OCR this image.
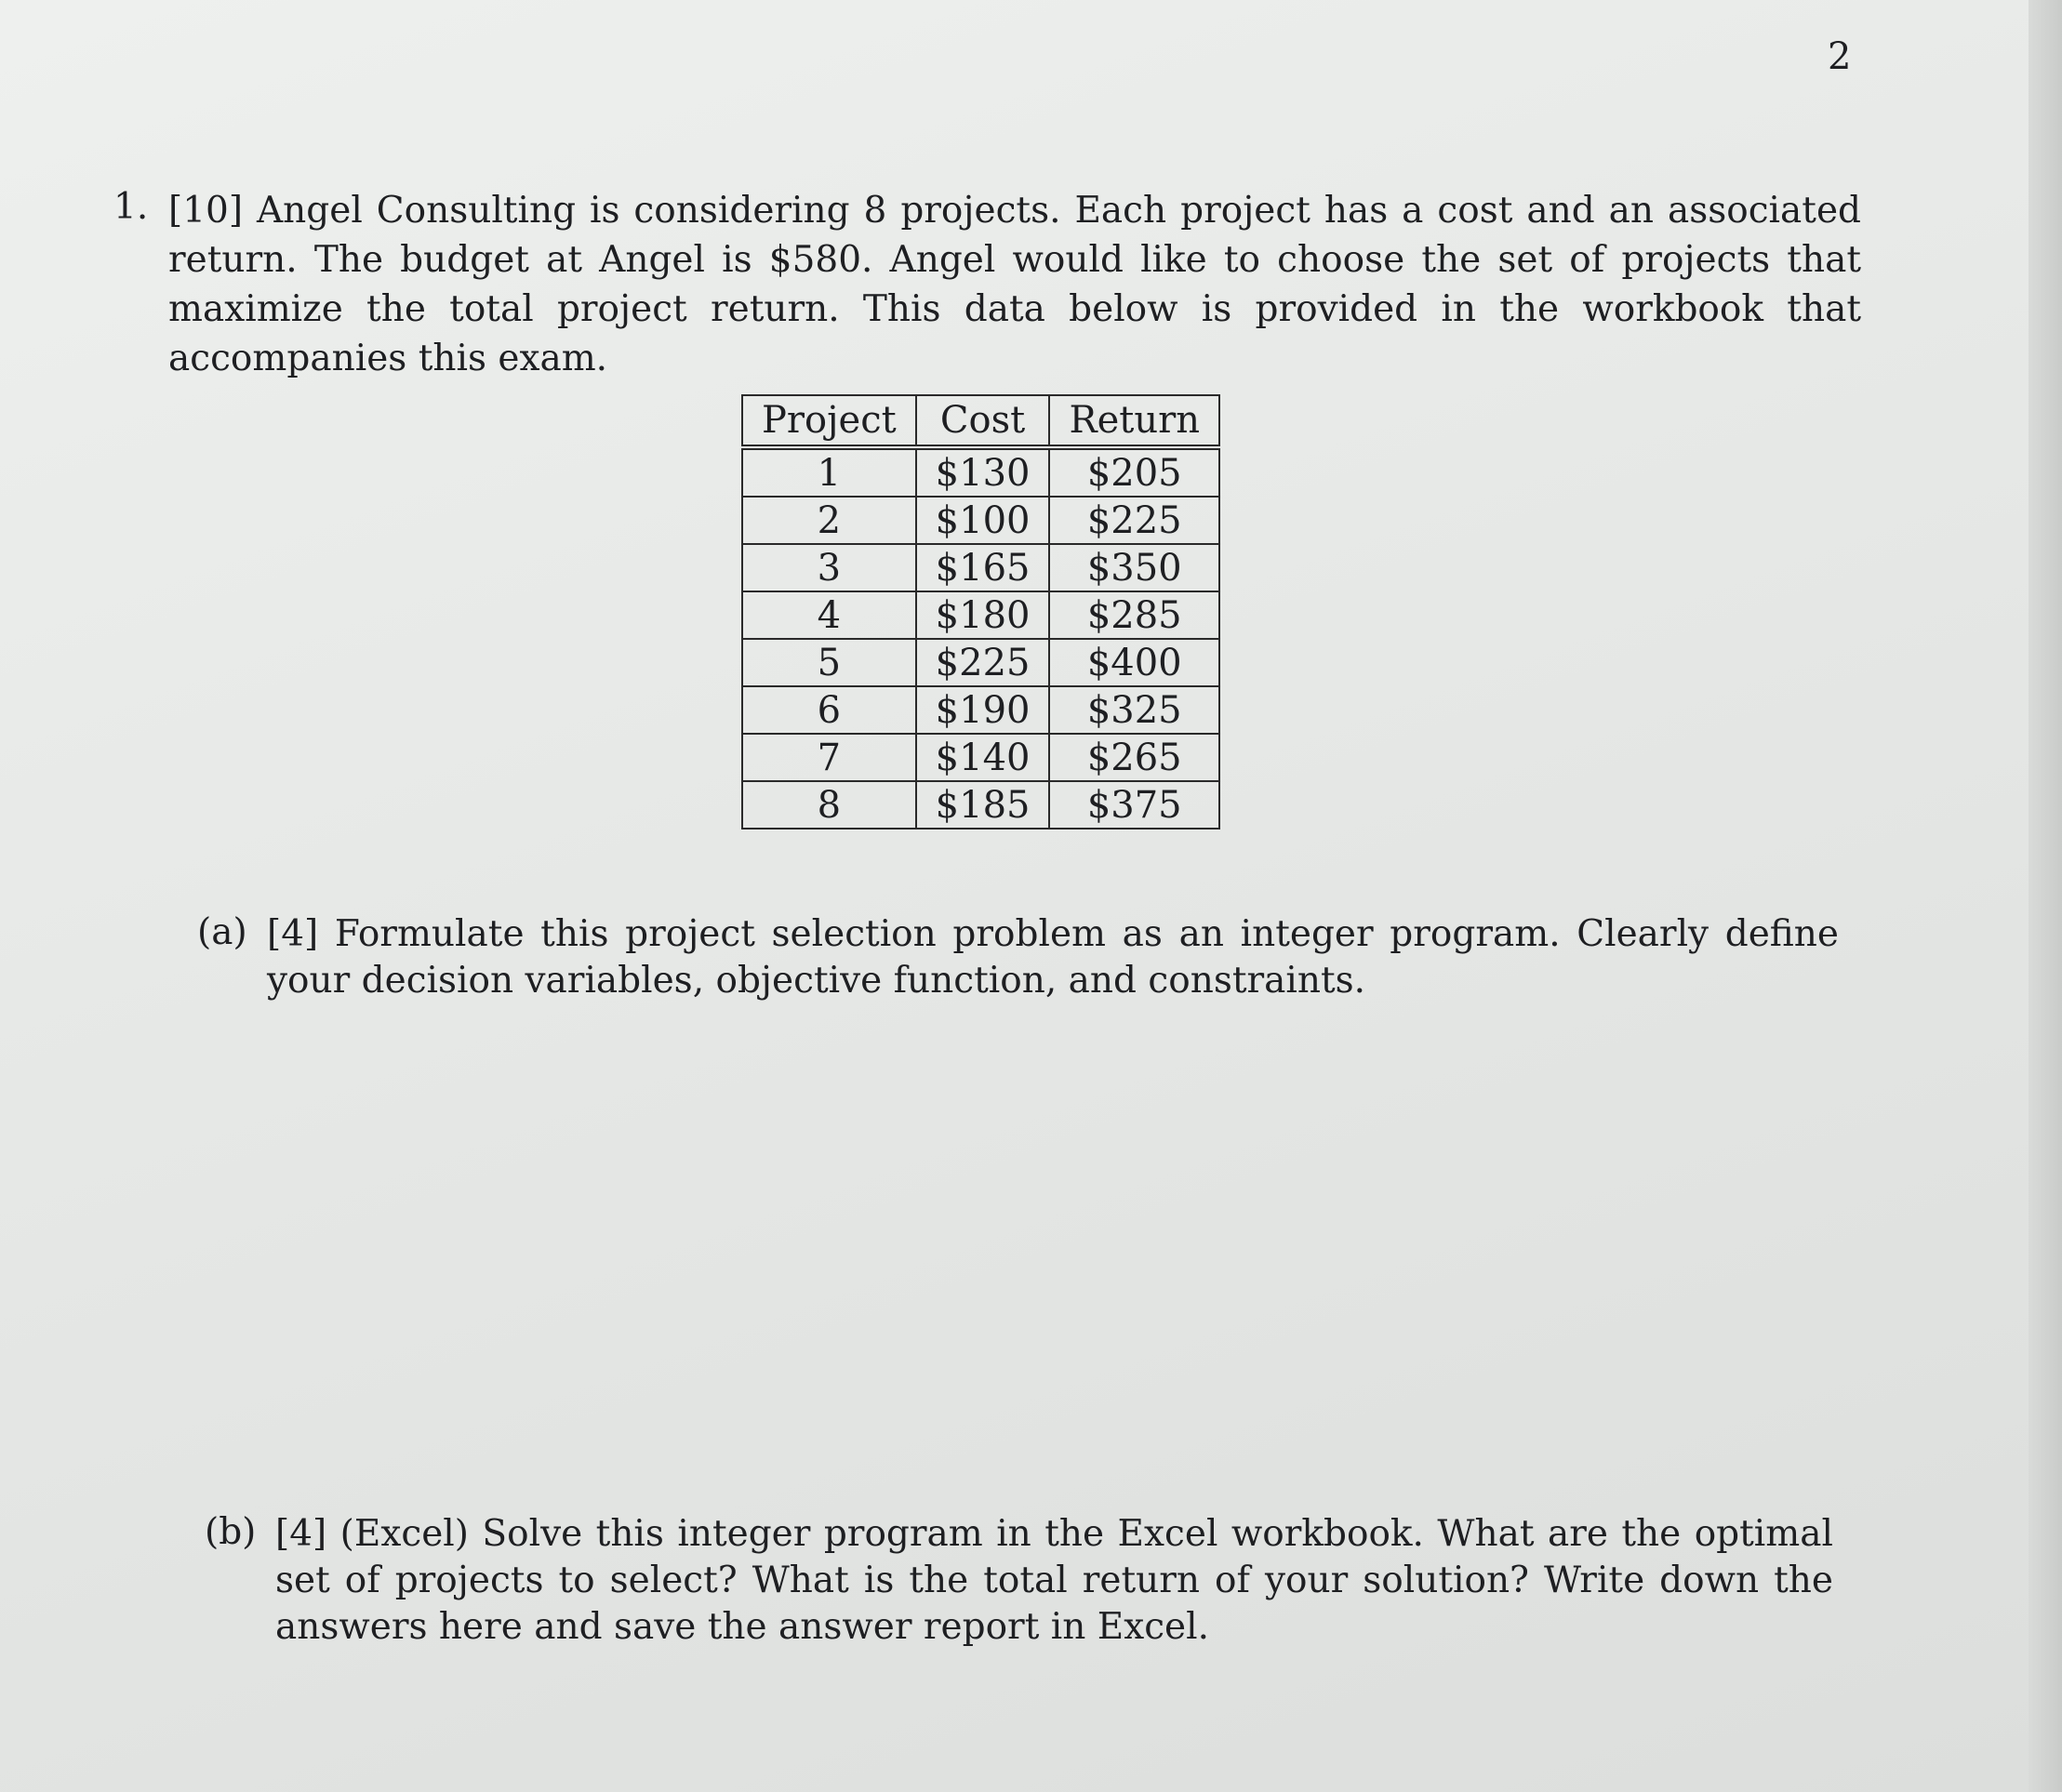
2
1. [10] Angel Consulting is considering 8 projects. Each project has a cost and an associated return. The budget at Angel is $580. Angel would like to choose the set of projects that maximize the total project return. This data below is provided in the workbook that accompanies this exam.
Project	Cost	Return
1	$130	$205
2	$100	$225
3	$165	$350
4	$180	$285
5	$225	$400
6	$190	$325
7	$140	$265
8	$185	$375
(a) [4] Formulate this project selection problem as an integer program. Clearly define your decision variables, objective function, and constraints.
(b) [4] (Excel) Solve this integer program in the Excel workbook. What are the optimal set of projects to select? What is the total return of your solution? Write down the answers here and save the answer report in Excel.
